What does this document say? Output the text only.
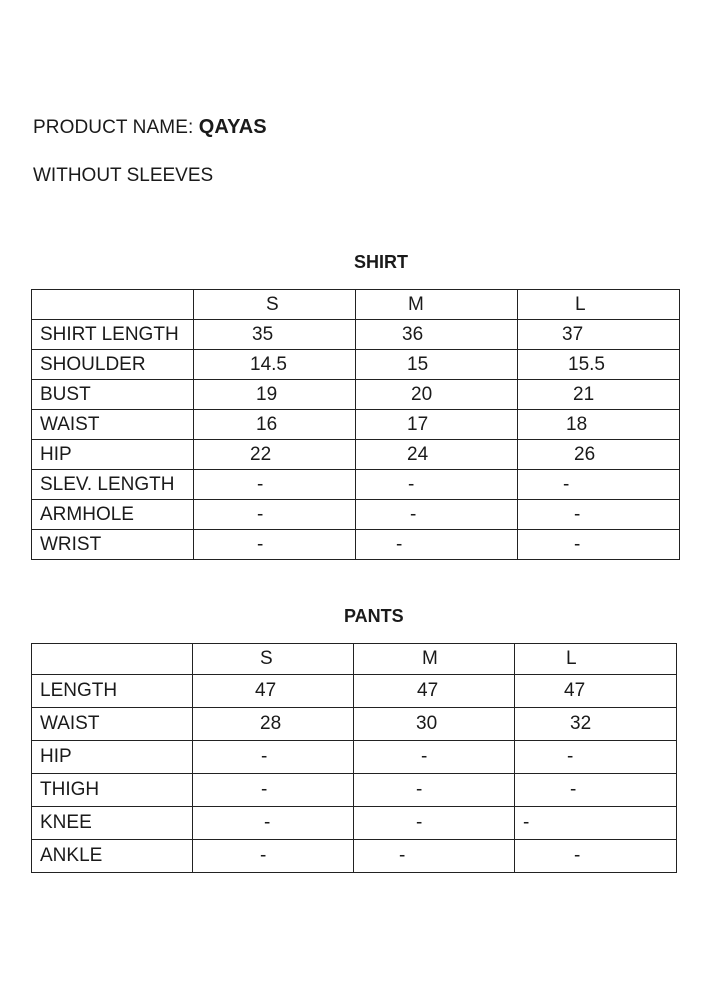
PRODUCT NAME: QAYAS
WITHOUT SLEEVES
SHIRT
	S	M	L
SHIRT LENGTH	35	36	37
SHOULDER	14.5	15	15.5
BUST	19	20	21
WAIST	16	17	18
HIP	22	24	26
SLEV. LENGTH	-	-	-
ARMHOLE	-	-	-
WRIST	-	-	-
PANTS
	S	M	L
LENGTH	47	47	47
WAIST	28	30	32
HIP	-	-	-
THIGH	-	-	-
KNEE	-	-	-
ANKLE	-	-	-
